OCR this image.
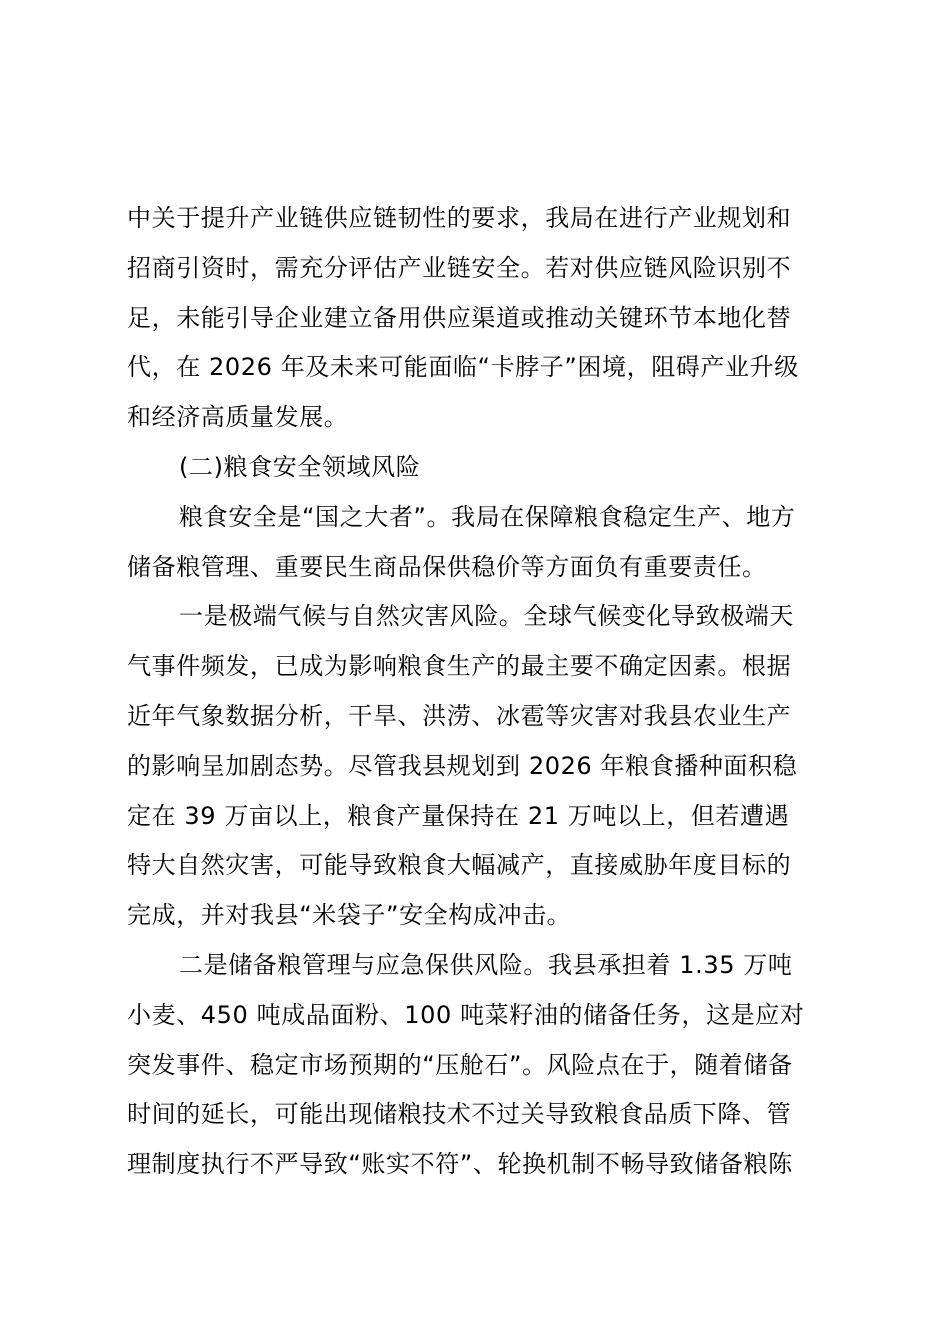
中关于提升产业链供应链韧性的要求，我局在进行产业规划和
招商引资时，需充分评估产业链安全。若对供应链风险识别不
足，未能引导企业建立备用供应渠道或推动关键环节本地化替
代，在 2026 年及未来可能面临“卡脖子”困境，阻碍产业升级
和经济高质量发展。
(二)粮食安全领域风险
粮食安全是“国之大者”。我局在保障粮食稳定生产、地方
储备粮管理、重要民生商品保供稳价等方面负有重要责任。
一是极端气候与自然灾害风险。全球气候变化导致极端天
气事件频发，已成为影响粮食生产的最主要不确定因素。根据
近年气象数据分析，干旱、洪涝、冰雹等灾害对我县农业生产
的影响呈加剧态势。尽管我县规划到 2026 年粮食播种面积稳
定在 39 万亩以上，粮食产量保持在 21 万吨以上，但若遭遇
特大自然灾害，可能导致粮食大幅减产，直接威胁年度目标的
完成，并对我县“米袋子”安全构成冲击。
二是储备粮管理与应急保供风险。我县承担着 1.35 万吨
小麦、450 吨成品面粉、100 吨菜籽油的储备任务，这是应对
突发事件、稳定市场预期的“压舱石”。风险点在于，随着储备
时间的延长，可能出现储粮技术不过关导致粮食品质下降、管
理制度执行不严导致“账实不符”、轮换机制不畅导致储备粮陈
